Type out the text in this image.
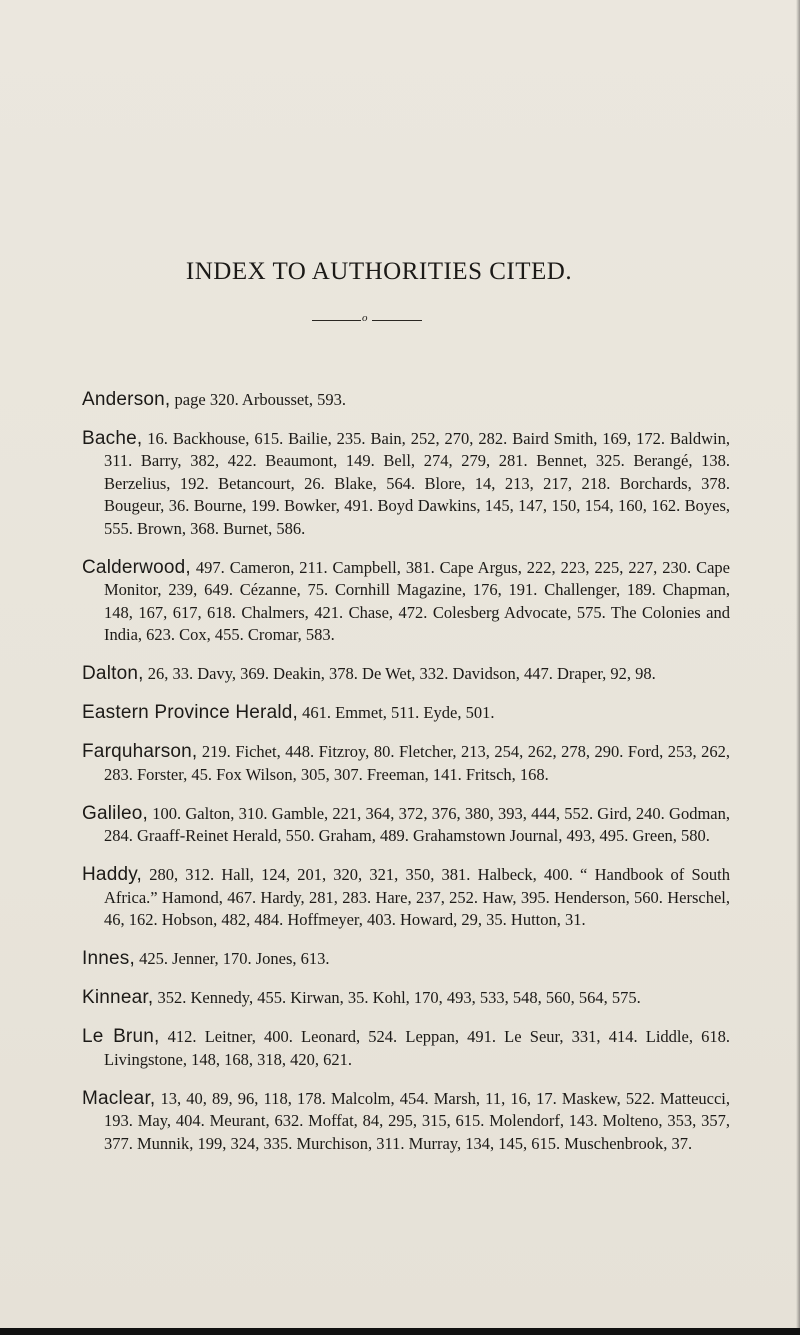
INDEX TO AUTHORITIES CITED.
o

Anderson, page 320. Arbousset, 593.

Bache, 16. Backhouse, 615. Bailie, 235. Bain, 252, 270, 282. Baird Smith, 169, 172. Baldwin, 311. Barry, 382, 422. Beaumont, 149. Bell, 274, 279, 281. Bennet, 325. Berangé, 138. Berzelius, 192. Betancourt, 26. Blake, 564. Blore, 14, 213, 217, 218. Borchards, 378. Bougeur, 36. Bourne, 199. Bowker, 491. Boyd Dawkins, 145, 147, 150, 154, 160, 162. Boyes, 555. Brown, 368. Burnet, 586.

Calderwood, 497. Cameron, 211. Campbell, 381. Cape Argus, 222, 223, 225, 227, 230. Cape Monitor, 239, 649. Cézanne, 75. Cornhill Magazine, 176, 191. Challenger, 189. Chapman, 148, 167, 617, 618. Chalmers, 421. Chase, 472. Colesberg Advocate, 575. The Colonies and India, 623. Cox, 455. Cromar, 583.

Dalton, 26, 33. Davy, 369. Deakin, 378. De Wet, 332. Davidson, 447. Draper, 92, 98.

Eastern Province Herald, 461. Emmet, 511. Eyde, 501.

Farquharson, 219. Fichet, 448. Fitzroy, 80. Fletcher, 213, 254, 262, 278, 290. Ford, 253, 262, 283. Forster, 45. Fox Wilson, 305, 307. Freeman, 141. Fritsch, 168.

Galileo, 100. Galton, 310. Gamble, 221, 364, 372, 376, 380, 393, 444, 552. Gird, 240. Godman, 284. Graaff-Reinet Herald, 550. Graham, 489. Grahamstown Journal, 493, 495. Green, 580.

Haddy, 280, 312. Hall, 124, 201, 320, 321, 350, 381. Halbeck, 400. “ Handbook of South Africa.” Hamond, 467. Hardy, 281, 283. Hare, 237, 252. Haw, 395. Henderson, 560. Herschel, 46, 162. Hobson, 482, 484. Hoffmeyer, 403. Howard, 29, 35. Hutton, 31.

Innes, 425. Jenner, 170. Jones, 613.

Kinnear, 352. Kennedy, 455. Kirwan, 35. Kohl, 170, 493, 533, 548, 560, 564, 575.

Le Brun, 412. Leitner, 400. Leonard, 524. Leppan, 491. Le Seur, 331, 414. Liddle, 618. Livingstone, 148, 168, 318, 420, 621.

Maclear, 13, 40, 89, 96, 118, 178. Malcolm, 454. Marsh, 11, 16, 17. Maskew, 522. Matteucci, 193. May, 404. Meurant, 632. Moffat, 84, 295, 315, 615. Molendorf, 143. Molteno, 353, 357, 377. Munnik, 199, 324, 335. Murchison, 311. Murray, 134, 145, 615. Muschenbrook, 37.
